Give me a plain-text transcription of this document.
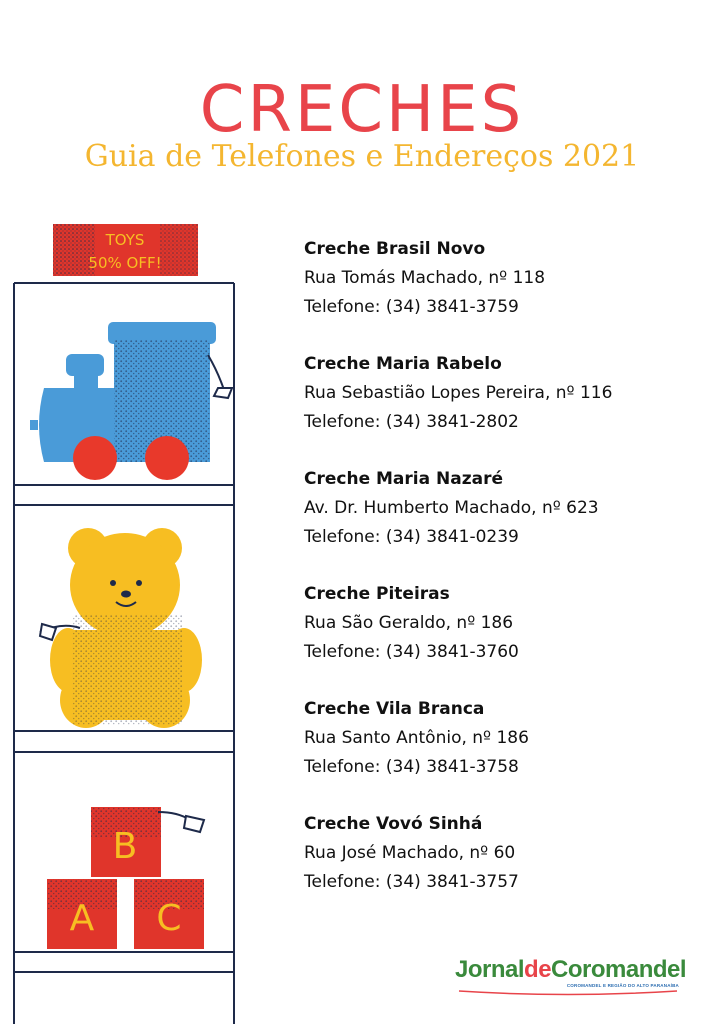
CRECHES
Guia de Telefones e Endereços 2021
TOYS
50% OFF!
B
A C
Creche Brasil Novo
Rua Tomás Machado, nº 118
Telefone: (34) 3841-3759
Creche Maria Rabelo
Rua Sebastião Lopes Pereira, nº 116
Telefone: (34) 3841-2802
Creche Maria Nazaré
Av. Dr. Humberto Machado, nº 623
Telefone: (34) 3841-0239
Creche Piteiras
Rua São Geraldo, nº 186
Telefone: (34) 3841-3760
Creche Vila Branca
Rua Santo Antônio, nº 186
Telefone: (34) 3841-3758
Creche Vovó Sinhá
Rua José Machado, nº 60
Telefone: (34) 3841-3757
JornaldeCoromandel
COROMANDEL E REGIÃO DO ALTO PARANAÍBA
